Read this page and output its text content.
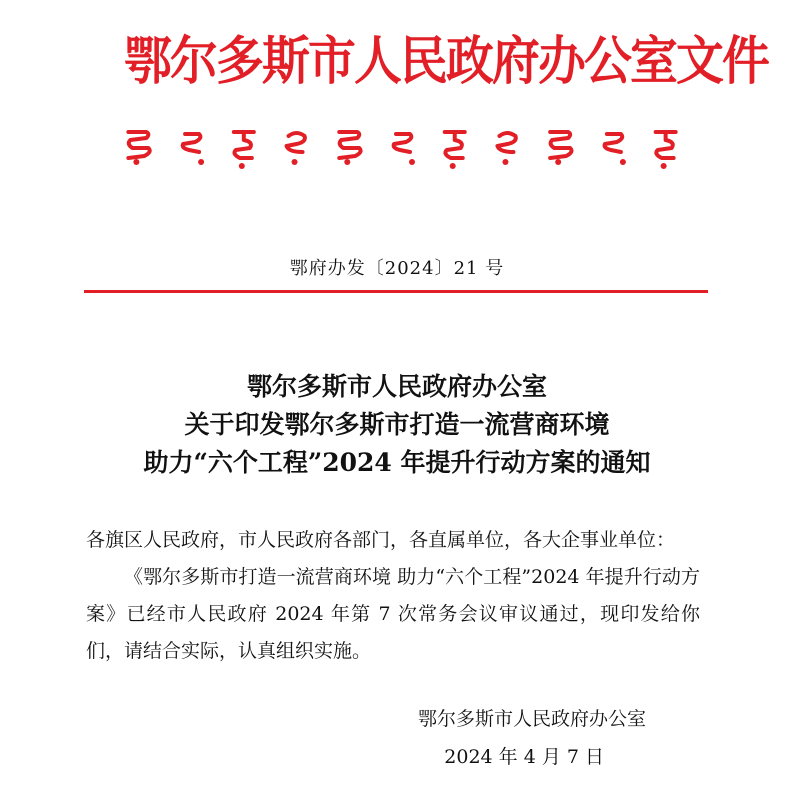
鄂尔多斯市人民政府办公室文件
鄂府办发〔2024〕21 号
鄂尔多斯市人民政府办公室
关于印发鄂尔多斯市打造一流营商环境
助力“六个工程”2024 年提升行动方案的通知
各旗区人民政府，市人民政府各部门，各直属单位，各大企事业单位：
《鄂尔多斯市打造一流营商环境 助力“六个工程”2024 年提升行动方案》已经市人民政府 2024 年第 7 次常务会议审议通过，现印发给你们，请结合实际，认真组织实施。
鄂尔多斯市人民政府办公室
2024 年 4 月 7 日
